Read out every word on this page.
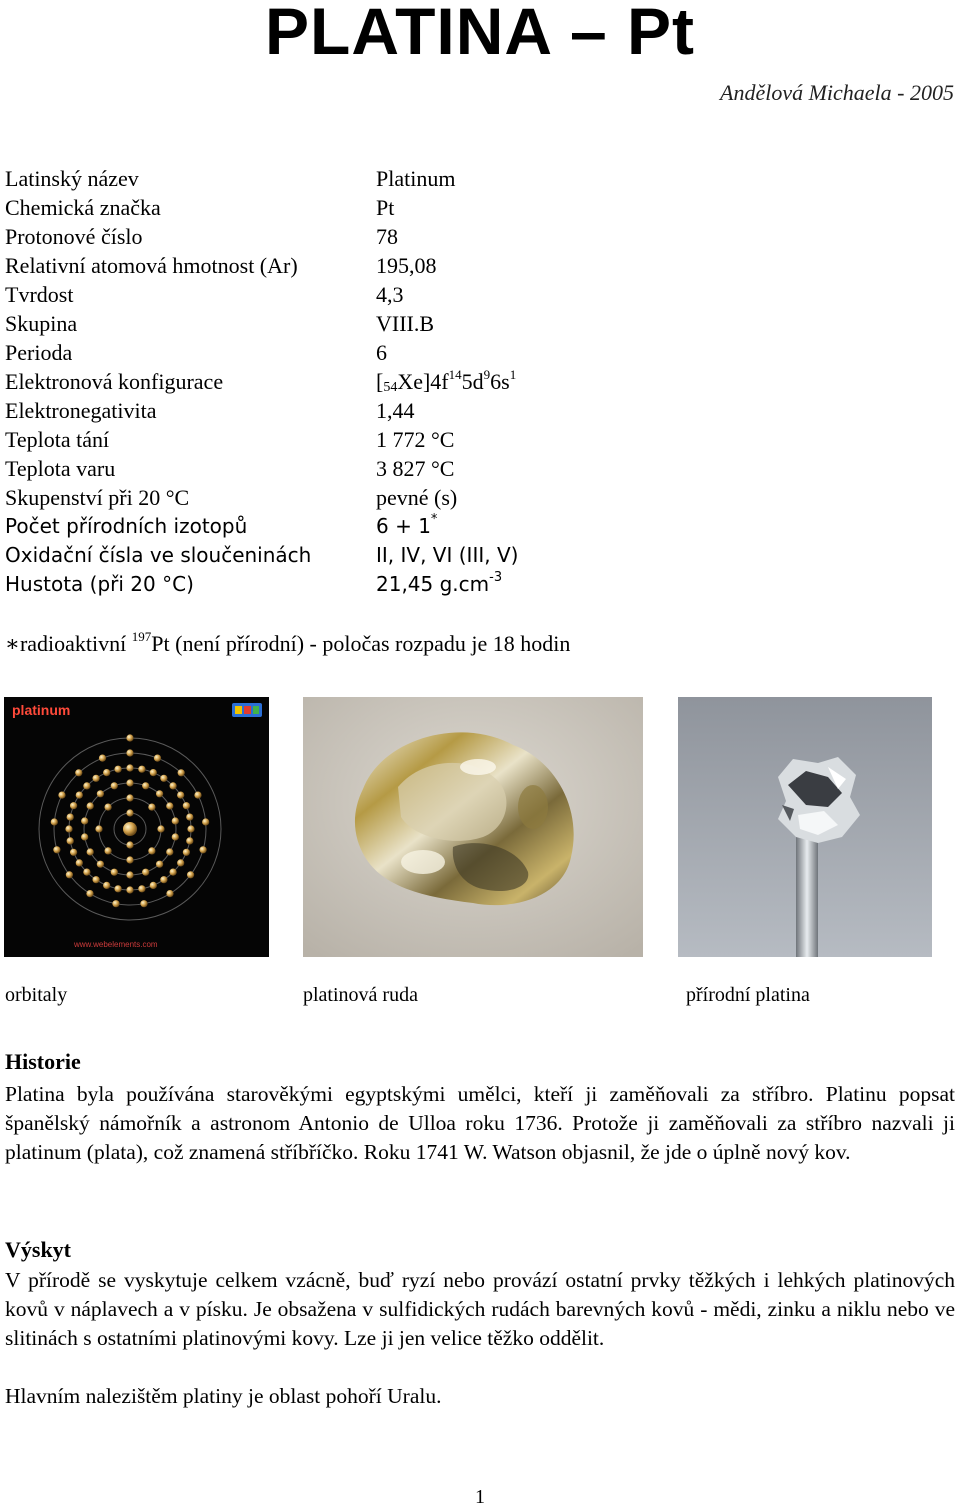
PLATINA – Pt
Andělová Michaela - 2005
Latinský název	Platinum
Chemická značka	Pt
Protonové číslo	78
Relativní atomová hmotnost (Ar)	195,08
Tvrdost	4,3
Skupina	VIII.B
Perioda	6
Elektronová konfigurace	$[54Xe]4f^{14}5d^96s^1$
Elektronegativita	1,44
Teplota tání	1 772 °C
Teplota varu	3 827 °C
Skupenství při 20 °C	pevné (s)
Počet přírodních izotopů	6 + 1*
Oxidační čísla ve sloučeninách	II, IV, VI (III, V)
Hustota (při 20 °C)	21,45 $g.cm^{-3}$
∗radioaktivní $^{197}$Pt (není přírodní) - poločas rozpadu je 18 hodin
platinum
www.webelements.com
orbitaly	platinová ruda	přírodní platina
Historie
Platina byla používána starověkými egyptskými umělci, kteří ji zaměňovali za stříbro. Platinu popsat španělský námořník a astronom Antonio de Ulloa roku 1736. Protože ji zaměňovali za stříbro nazvali ji platinum (plata), což znamená stříbříčko. Roku 1741 W. Watson objasnil, že jde o úplně nový kov.
Výskyt
V přírodě se vyskytuje celkem vzácně, buď ryzí nebo provází ostatní prvky těžkých i lehkých platinových kovů v náplavech a v písku. Je obsažena v sulfidických rudách barevných kovů - mědi, zinku a niklu nebo ve slitinách s ostatními platinovými kovy. Lze ji jen velice těžko oddělit.
Hlavním nalezištěm platiny je oblast pohoří Uralu.
1
